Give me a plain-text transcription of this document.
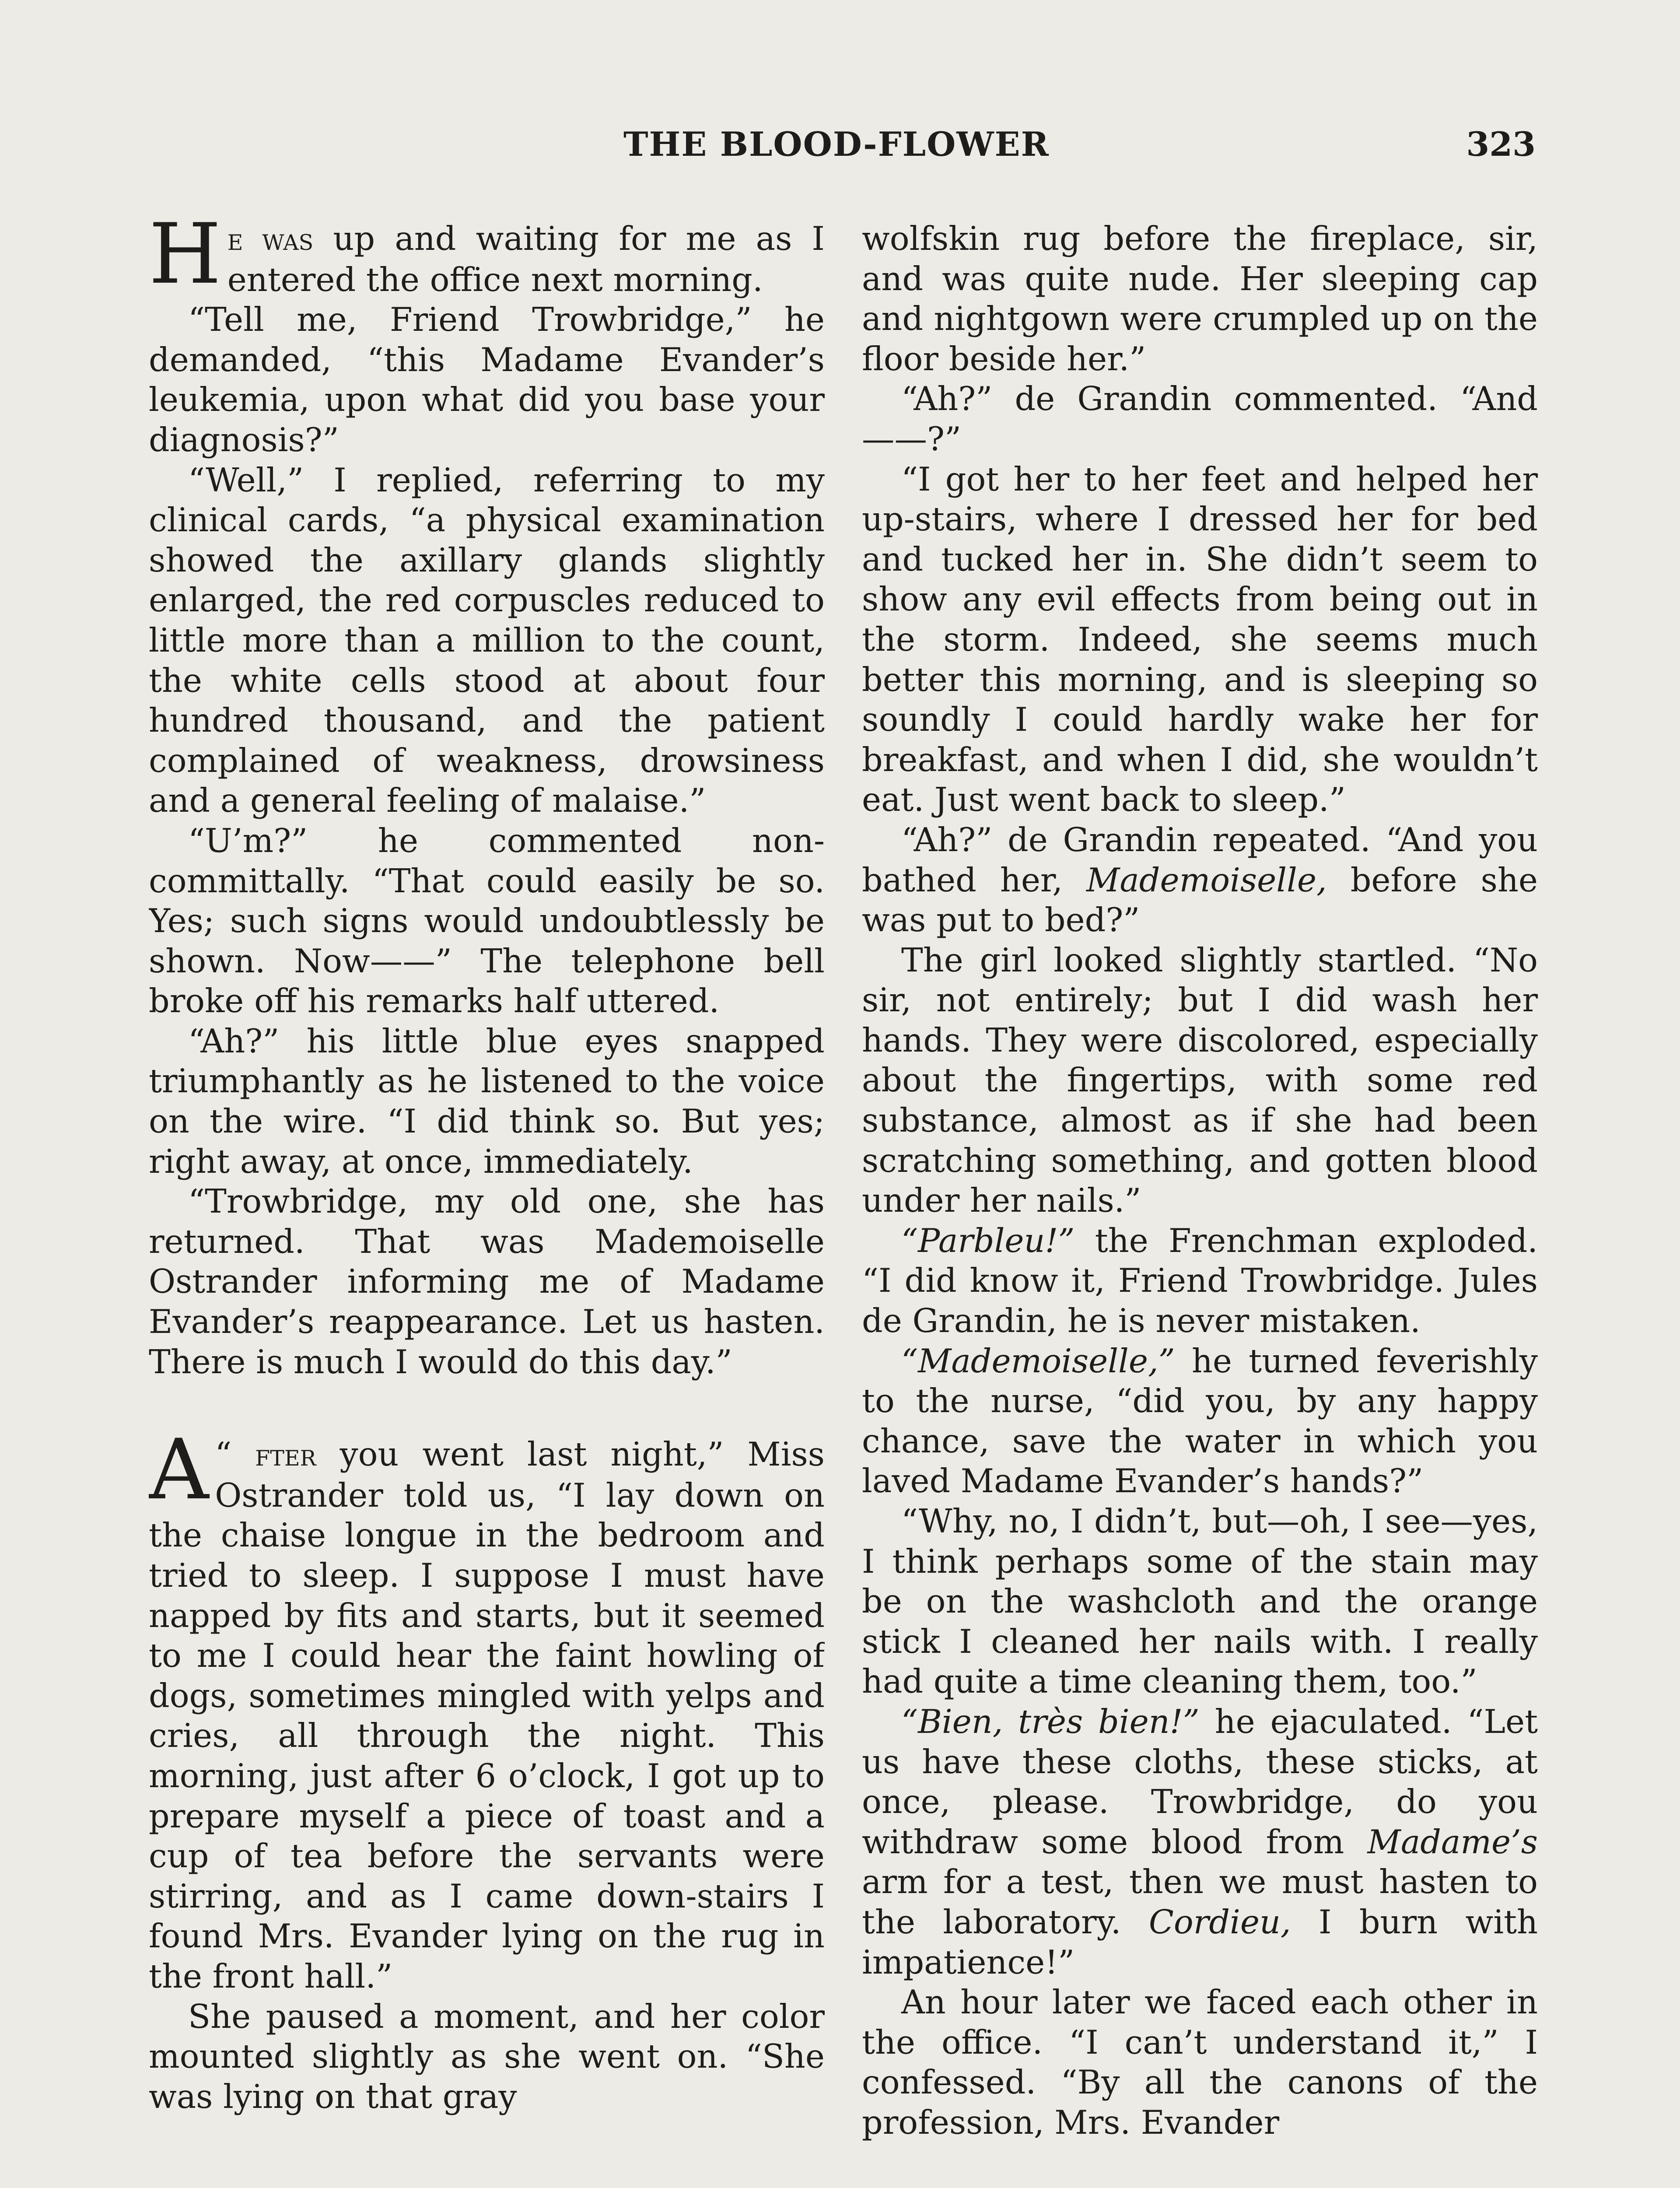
THE BLOOD-FLOWER	323

He was up and waiting for me as I entered the office next morning.

“Tell me, Friend Trowbridge,” he demanded, “this Madame Evander’s leukemia, upon what did you base your diagnosis?”

“Well,” I replied, referring to my clinical cards, “a physical examination showed the axillary glands slightly enlarged, the red corpuscles reduced to little more than a million to the count, the white cells stood at about four hundred thousand, and the patient complained of weakness, drowsiness and a general feeling of malaise.”

“U’m?” he commented non-committally. “That could easily be so. Yes; such signs would undoubtlessly be shown. Now——” The telephone bell broke off his remarks half uttered.

“Ah?” his little blue eyes snapped triumphantly as he listened to the voice on the wire. “I did think so. But yes; right away, at once, immediately.

“Trowbridge, my old one, she has returned. That was Mademoiselle Ostrander informing me of Madame Evander’s reappearance. Let us hasten. There is much I would do this day.”

“
A fter you went last night,” Miss Ostrander told us, “I lay down on the chaise longue in the bedroom and tried to sleep. I suppose I must have napped by fits and starts, but it seemed to me I could hear the faint howling of dogs, sometimes mingled with yelps and cries, all through the night. This morning, just after 6 o’clock, I got up to prepare myself a piece of toast and a cup of tea before the servants were stirring, and as I came down-stairs I found Mrs. Evander lying on the rug in the front hall.”

She paused a moment, and her color mounted slightly as she went on. “She was lying on that gray

wolfskin rug before the fireplace, sir, and was quite nude. Her sleeping cap and nightgown were crumpled up on the floor beside her.”

“Ah?” de Grandin commented. “And——?”

“I got her to her feet and helped her up-stairs, where I dressed her for bed and tucked her in. She didn’t seem to show any evil effects from being out in the storm. Indeed, she seems much better this morning, and is sleeping so soundly I could hardly wake her for breakfast, and when I did, she wouldn’t eat. Just went back to sleep.”

“Ah?” de Grandin repeated. “And you bathed her, Mademoiselle, before she was put to bed?”

The girl looked slightly startled. “No sir, not entirely; but I did wash her hands. They were discolored, especially about the fingertips, with some red substance, almost as if she had been scratching something, and gotten blood under her nails.”

“Parbleu!” the Frenchman exploded. “I did know it, Friend Trowbridge. Jules de Grandin, he is never mistaken.

“Mademoiselle,” he turned feverishly to the nurse, “did you, by any happy chance, save the water in which you laved Madame Evander’s hands?”

“Why, no, I didn’t, but—oh, I see—yes, I think perhaps some of the stain may be on the washcloth and the orange stick I cleaned her nails with. I really had quite a time cleaning them, too.”

“Bien, très bien!” he ejaculated. “Let us have these cloths, these sticks, at once, please. Trowbridge, do you withdraw some blood from Madame’s arm for a test, then we must hasten to the laboratory. Cordieu, I burn with impatience!”

An hour later we faced each other in the office. “I can’t understand it,” I confessed. “By all the canons of the profession, Mrs. Evander
